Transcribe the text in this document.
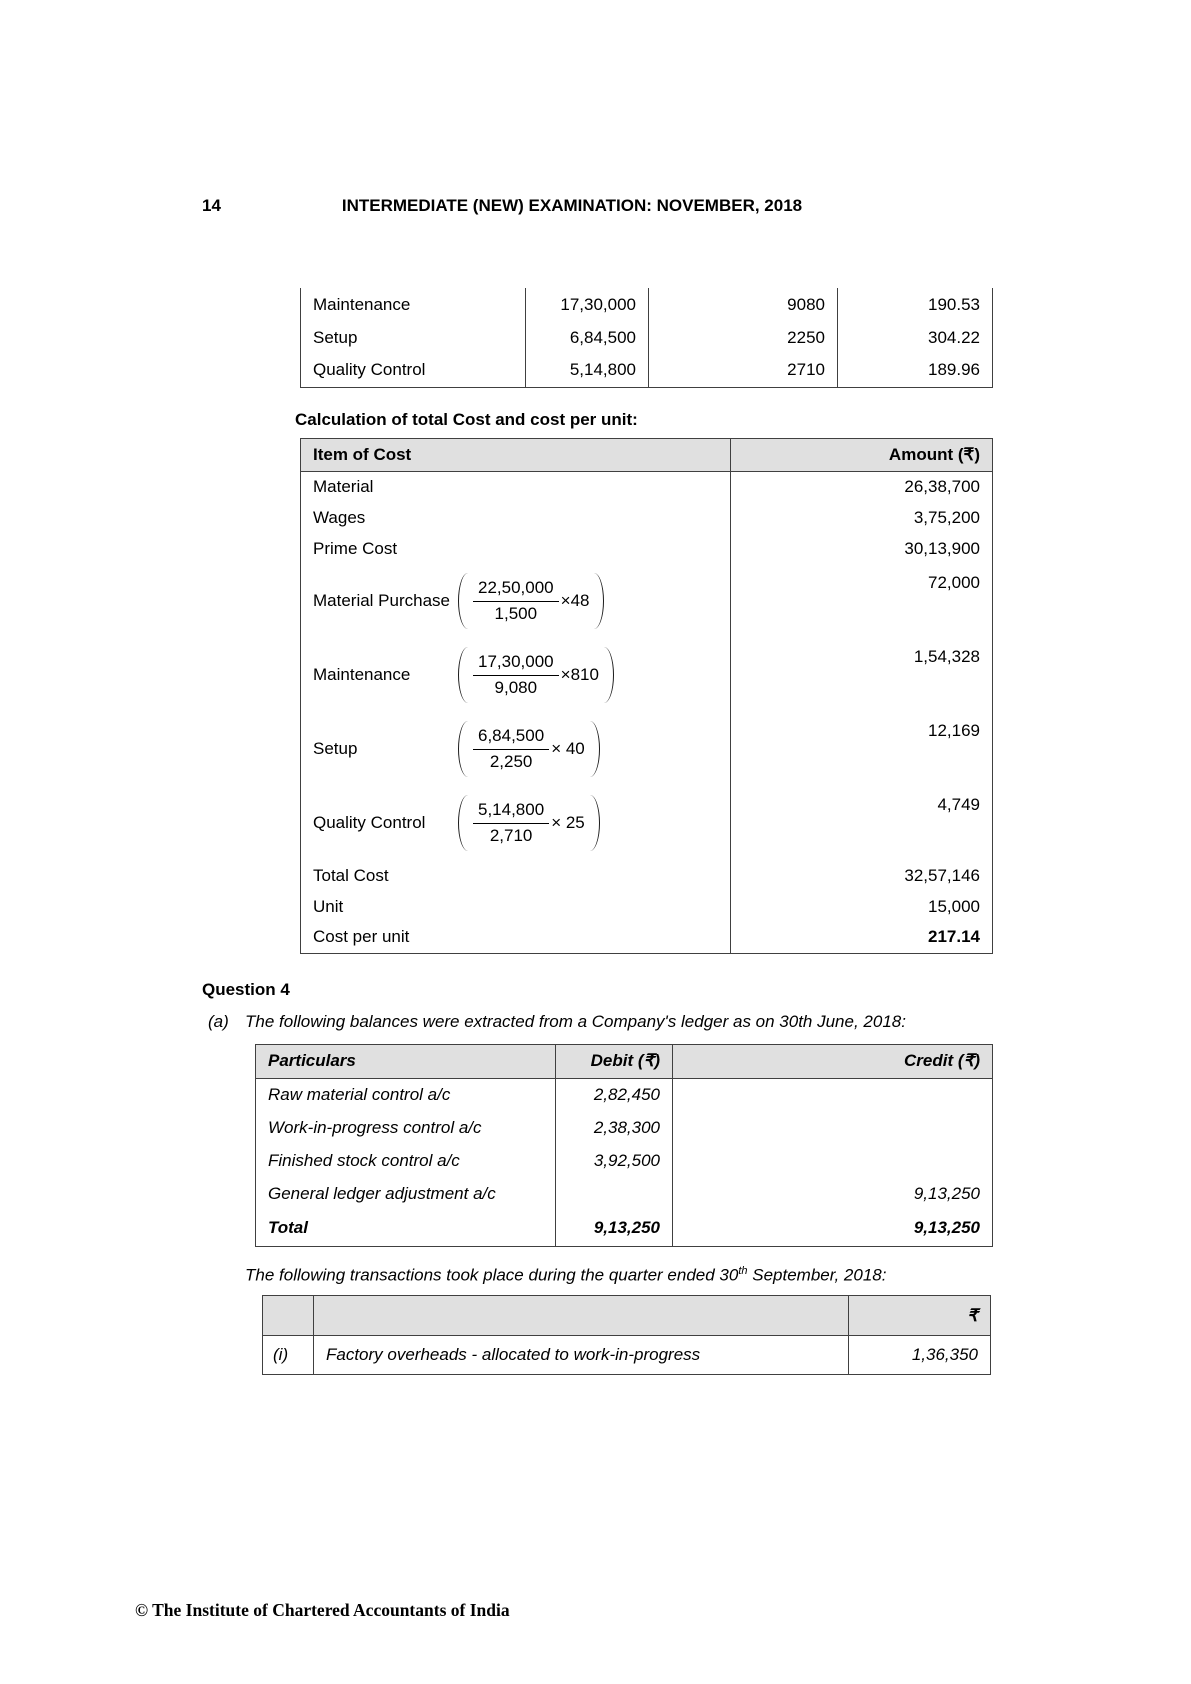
14	INTERMEDIATE (NEW) EXAMINATION: NOVEMBER, 2018
Maintenance	17,30,000	9080	190.53
Setup	6,84,500	2250	304.22
Quality Control	5,14,800	2710	189.96
Calculation of total Cost and cost per unit:
Item of Cost	Amount (₹)
Material	26,38,700
Wages	3,75,200
Prime Cost	30,13,900

Material Purchase $\frac{22,50,000}{1,500} \times 48$	72,000

Maintenance $\frac{17,30,000}{9,080} \times 810$	1,54,328

Setup $\frac{6,84,500}{2,250} \times 40$	12,169

Quality Control $\frac{5,14,800}{2,710} \times 25$	4,749
Total Cost	32,57,146
Unit	15,000
Cost per unit	217.14
Question 4
(a) The following balances were extracted from a Company's ledger as on 30th June, 2018:
Particulars	Debit (₹)	Credit (₹)
Raw material control a/c	2,82,450	
Work-in-progress control a/c	2,38,300	
Finished stock control a/c	3,92,500	
General ledger adjustment a/c		9,13,250
Total	9,13,250	9,13,250
The following transactions took place during the quarter ended 30th September, 2018:
		₹
(i)	Factory overheads - allocated to work-in-progress	1,36,350
© The Institute of Chartered Accountants of India
